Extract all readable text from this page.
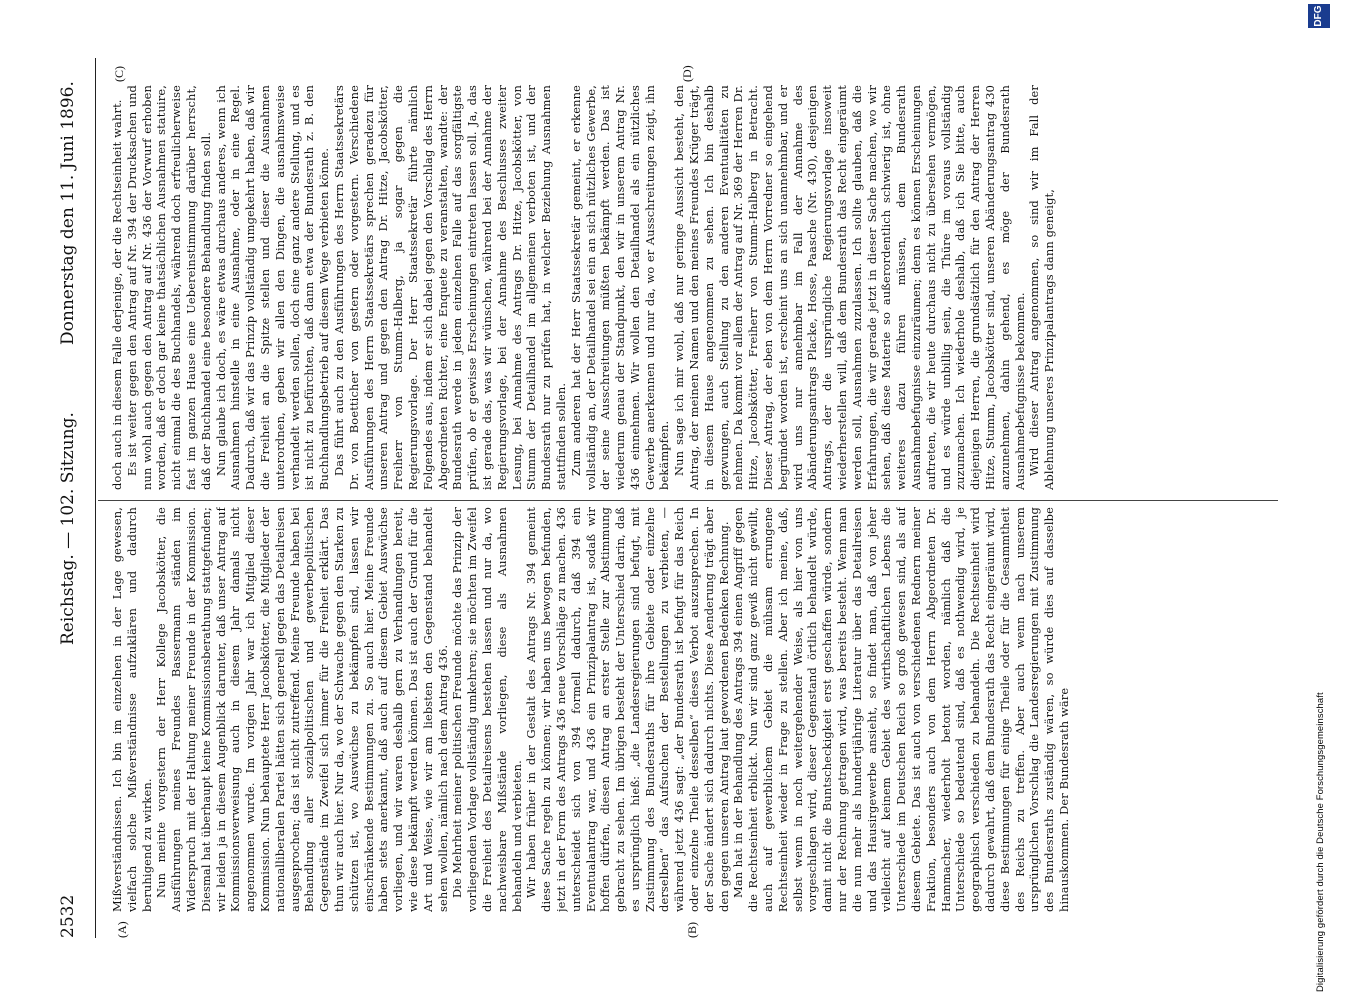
2532
Reichstag. — 102. Sitzung.
Donnerstag den 11. Juni 1896.
(A)	(B)
(C)	(D)

Mißverständnissen. Ich bin im einzelnen in der Lage gewesen, vielfach solche Mißverständnisse aufzuklären und dadurch beruhigend zu wirken. Nun meinte vorgestern der Herr Kollege Jacobskötter, die Ausführungen meines Freundes Bassermann ständen im Widerspruch mit der Haltung meiner Freunde in der Kommission. Diesmal hat überhaupt keine Kommissionsberathung stattgefunden; wir leiden ja in diesem Augenblick darunter, daß unser Antrag auf Kommissionsverweisung auch in diesem Jahr damals nicht angenommen wurde. Im vorigen Jahr war ich Mitglied dieser Kommission. Nun behauptete Herr Jacobskötter, die Mitglieder der nationalliberalen Partei hätten sich generell gegen das Detailreisen ausgesprochen; das ist nicht zutreffend. Meine Freunde haben bei Behandlung aller sozialpolitischen und gewerbepolitischen Gegenstände im Zweifel sich immer für die Freiheit erklärt. Das thun wir auch hier. Nur da, wo der Schwache gegen den Starken zu schützen ist, wo Auswüchse zu bekämpfen sind, lassen wir einschränkende Bestimmungen zu. So auch hier. Meine Freunde haben stets anerkannt, daß auch auf diesem Gebiet Auswüchse vorliegen, und wir waren deshalb gern zu Verhandlungen bereit, wie diese bekämpft werden können. Das ist auch der Grund für die Art und Weise, wie wir am liebsten den Gegenstand behandelt sehen wollen, nämlich nach dem Antrag 436. Die Mehrheit meiner politischen Freunde möchte das Prinzip der vorliegenden Vorlage vollständig umkehren; sie möchten im Zweifel die Freiheit des Detailreisens bestehen lassen und nur da, wo nachweisbare Mißstände vorliegen, diese als Ausnahmen behandeln und verbieten. Wir haben früher in der Gestalt des Antrags Nr. 394 gemeint diese Sache regeln zu können; wir haben uns bewogen befunden, jetzt in der Form des Antrags 436 neue Vorschläge zu machen. 436 unterscheidet sich von 394 formell dadurch, daß 394 ein Eventualantrag war, und 436 ein Prinzipalantrag ist, sodaß wir hoffen dürfen, diesen Antrag an erster Stelle zur Abstimmung gebracht zu sehen. Im übrigen besteht der Unterschied darin, daß es ursprünglich hieß: „die Landesregierungen sind befugt, mit Zustimmung des Bundesraths für ihre Gebiete oder einzelne derselben“ das Aufsuchen der Bestellungen zu verbieten, — während jetzt 436 sagt: „der Bundesrath ist befugt für das Reich oder einzelne Theile desselben“ dieses Verbot auszusprechen. In der Sache ändert sich dadurch nichts. Diese Aenderung trägt aber den gegen unseren Antrag laut gewordenen Bedenken Rechnung. Man hat in der Behandlung des Antrags 394 einen Angriff gegen die Rechtseinheit erblickt. Nun wir sind ganz gewiß nicht gewillt, auch auf gewerblichem Gebiet die mühsam errungene Rechtseinheit wieder in Frage zu stellen. Aber ich meine, daß, selbst wenn in noch weitergehender Weise, als hier von uns vorgeschlagen wird, dieser Gegenstand örtlich behandelt würde, damit nicht die Buntscheckigkeit erst geschaffen würde, sondern nur der Rechnung getragen wird, was bereits besteht. Wenn man die nun mehr als hundertjährige Literatur über das Detailreisen und das Hausirgewerbe ansieht, so findet man, daß von jeher vielleicht auf keinem Gebiet des wirthschaftlichen Lebens die Unterschiede im Deutschen Reich so groß gewesen sind, als auf diesem Gebiete. Das ist auch von verschiedenen Rednern meiner Fraktion, besonders auch von dem Herrn Abgeordneten Dr. Hammacher, wiederholt betont worden, nämlich daß die Unterschiede so bedeutend sind, daß es nothwendig wird, je geographisch verschieden zu behandeln. Die Rechtseinheit wird dadurch gewahrt, daß dem Bundesrath das Recht eingeräumt wird, diese Bestimmungen für einige Theile oder für die Gesammtheit des Reichs zu treffen. Aber auch wenn nach unserem ursprünglichen Vorschlag die Landesregierungen mit Zustimmung des Bundesraths zuständig wären, so würde dies auf dasselbe hinauskommen. Der Bundesrath wäre

doch auch in diesem Falle derjenige, der die Rechtseinheit wahrt. Es ist weiter gegen den Antrag auf Nr. 394 der Drucksachen und nun wohl auch gegen den Antrag auf Nr. 436 der Vorwurf erhoben worden, daß er doch gar keine thatsächlichen Ausnahmen statuire, nicht einmal die des Buchhandels, während doch erfreulicherweise fast im ganzen Hause eine Uebereinstimmung darüber herrscht, daß der Buchhandel eine besondere Behandlung finden soll. Nun glaube ich doch, es wäre etwas durchaus anderes, wenn ich Ausnahmen hinstelle in eine Ausnahme, oder in eine Regel. Dadurch, daß wir das Prinzip vollständig umgekehrt haben, daß wir die Freiheit an die Spitze stellen und dieser die Ausnahmen unterordnen, geben wir allen den Dingen, die ausnahmsweise verhandelt werden sollen, doch eine ganz andere Stellung, und es ist nicht zu befürchten, daß dann etwa der Bundesrath z. B. den Buchhandlungsbetrieb auf diesem Wege verbieten könne. Das führt auch zu den Ausführungen des Herrn Staatssekretärs Dr. von Boetticher von gestern oder vorgestern. Verschiedene Ausführungen des Herrn Staatssekretärs sprechen geradezu für unseren Antrag und gegen den Antrag Dr. Hitze, Jacobskötter, Freiherr von Stumm-Halberg, ja sogar gegen die Regierungsvorlage. Der Herr Staatssekretär führte nämlich Folgendes aus, indem er sich dabei gegen den Vorschlag des Herrn Abgeordneten Richter, eine Enquete zu veranstalten, wandte: der Bundesrath werde in jedem einzelnen Falle auf das sorgfältigste prüfen, ob er gewisse Erscheinungen eintreten lassen soll. Ja, das ist gerade das, was wir wünschen, während bei der Annahme der Regierungsvorlage, bei der Annahme des Beschlusses zweiter Lesung, bei Annahme des Antrags Dr. Hitze, Jacobskötter, von Stumm der Detailhandel im allgemeinen verboten ist, und der Bundesrath nur zu prüfen hat, in welcher Beziehung Ausnahmen stattfinden sollen. Zum anderen hat der Herr Staatssekretär gemeint, er erkenne vollständig an, der Detailhandel sei ein an sich nützliches Gewerbe, der seine Ausschreitungen müßten bekämpft werden. Das ist wiederum genau der Standpunkt, den wir in unserem Antrag Nr. 436 einnehmen. Wir wollen den Detailhandel als ein nützliches Gewerbe anerkennen und nur da, wo er Ausschreitungen zeigt, ihn bekämpfen. Nun sage ich mir wohl, daß nur geringe Aussicht besteht, den Antrag, der meinen Namen und den meines Freundes Krüger trägt, in diesem Hause angenommen zu sehen. Ich bin deshalb gezwungen, auch Stellung zu den anderen Eventualitäten zu nehmen. Da kommt vor allem der Antrag auf Nr. 369 der Herren Dr. Hitze, Jacobskötter, Freiherr von Stumm-Halberg in Betracht. Dieser Antrag, der eben von dem Herrn Vorredner so eingehend begründet worden ist, erscheint uns an sich unannehmbar, und er wird uns nur annehmbar im Fall der Annahme des Abänderungsantrags Placke, Hosse, Paasche (Nr. 430), desjenigen Antrags, der die ursprüngliche Regierungsvorlage insoweit wiederherstellen will, daß dem Bundesrath das Recht eingeräumt werden soll, Ausnahmen zuzulassen. Ich sollte glauben, daß die Erfahrungen, die wir gerade jetzt in dieser Sache machen, wo wir sehen, daß diese Materie so außerordentlich schwierig ist, ohne weiteres dazu führen müssen, dem Bundesrath Ausnahmebefugnisse einzuräumen; denn es können Erscheinungen auftreten, die wir heute durchaus nicht zu übersehen vermögen, und es würde unbillig sein, die Thüre im voraus vollständig zuzumachen. Ich wiederhole deshalb, daß ich Sie bitte, auch diejenigen Herren, die grundsätzlich für den Antrag der Herren Hitze, Stumm, Jacobskötter sind, unseren Abänderungsantrag 430 anzunehmen, dahin gehend, es möge der Bundesrath Ausnahmebefugnisse bekommen. Wird dieser Antrag angenommen, so sind wir im Fall der Ablehnung unseres Prinzipalantrags dann geneigt,

Digitalisierung gefördert durch die Deutsche Forschungsgemeinschaft
DFG
